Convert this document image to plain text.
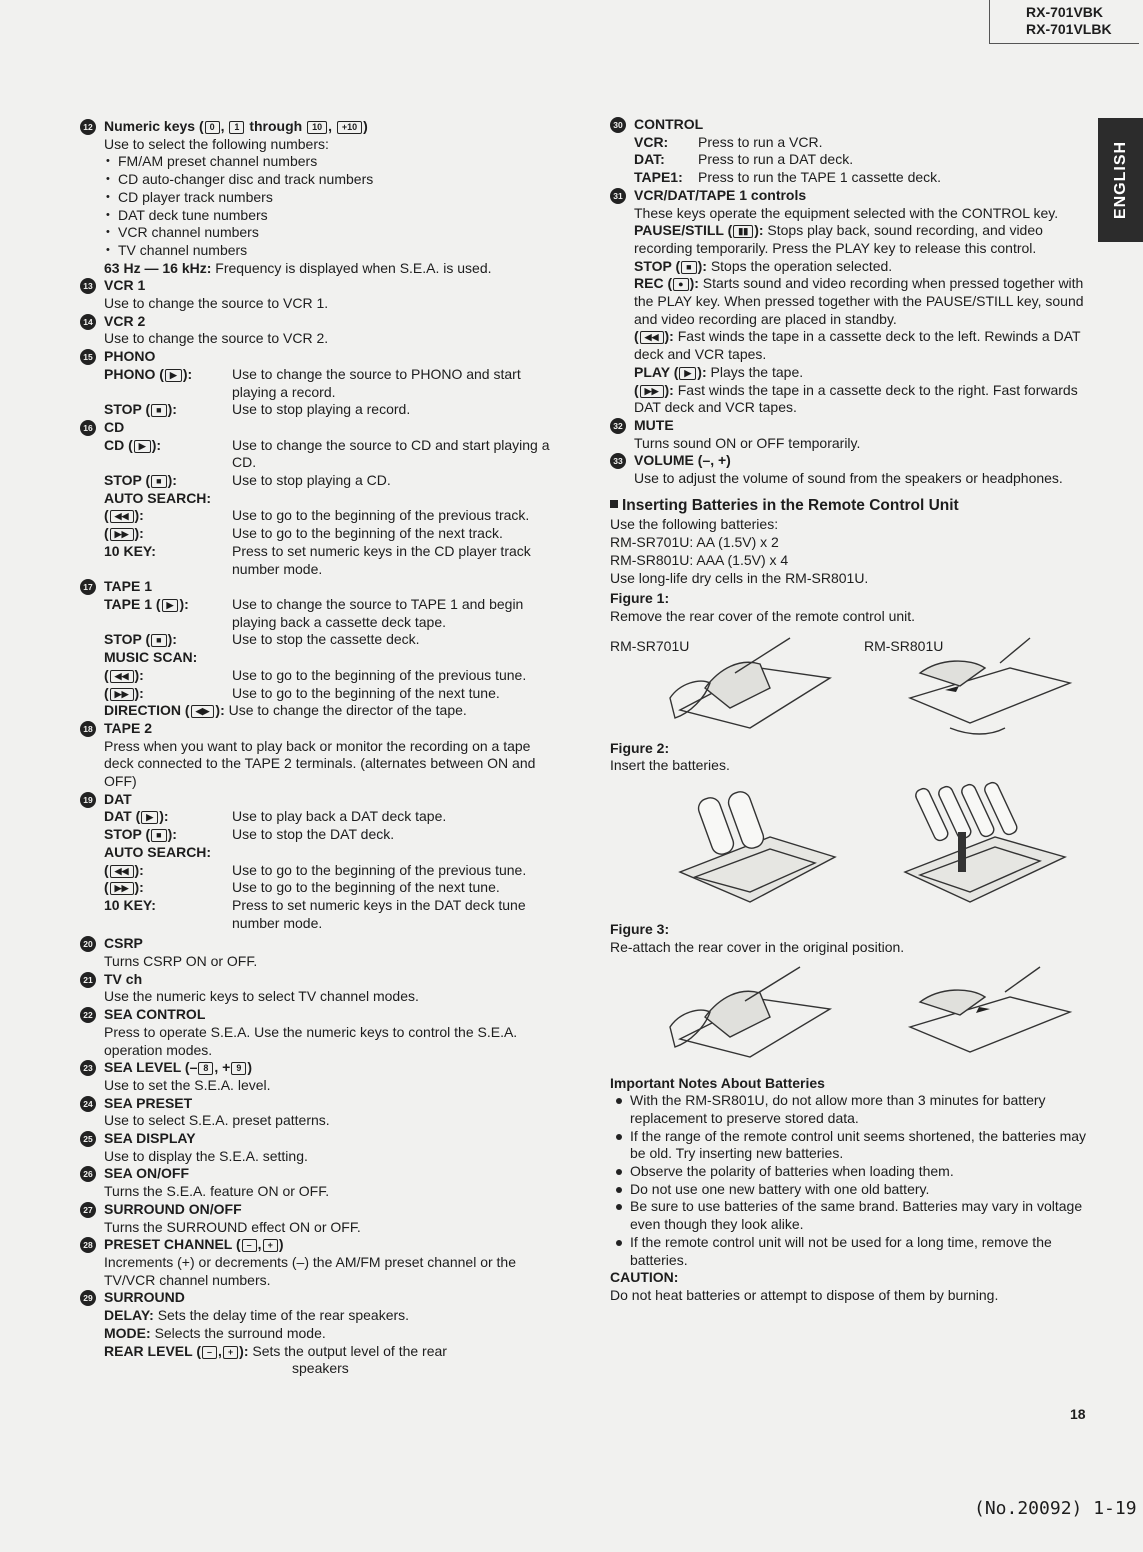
RX-701VBK
RX-701VLBK
ENGLISH
12 Numeric keys ( 0 , 1 through 10 , +10 )
Use to select the following numbers:
• FM/AM preset channel numbers
• CD auto-changer disc and track numbers
• CD player track numbers
• DAT deck tune numbers
• VCR channel numbers
• TV channel numbers
63 Hz — 16 kHz: Frequency is displayed when S.E.A. is used.
13 VCR 1
Use to change the source to VCR 1.
14 VCR 2
Use to change the source to VCR 2.
15 PHONO
PHONO ( ▶ ):	Use to change the source to PHONO and start playing a record.
STOP ( ■ ):	Use to stop playing a record.
16 CD
CD ( ▶ ):	Use to change the source to CD and start playing a CD.
STOP ( ■ ):	Use to stop playing a CD.
AUTO SEARCH:
( ◀◀ ):	Use to go to the beginning of the previous track.
( ▶▶ ):	Use to go to the beginning of the next track.
10 KEY:	Press to set numeric keys in the CD player track number mode.
17 TAPE 1
TAPE 1 ( ▶ ):	Use to change the source to TAPE 1 and begin playing back a cassette deck tape.
STOP ( ■ ):	Use to stop the cassette deck.
MUSIC SCAN:
( ◀◀ ):	Use to go to the beginning of the previous tune.
( ▶▶ ):	Use to go to the beginning of the next tune.
DIRECTION ( ◀▶ ): Use to change the director of the tape.
18 TAPE 2
Press when you want to play back or monitor the recording on a tape deck connected to the TAPE 2 terminals. (alternates between ON and OFF)
19 DAT
DAT ( ▶ ):	Use to play back a DAT deck tape.
STOP ( ■ ):	Use to stop the DAT deck.
AUTO SEARCH:
( ◀◀ ):	Use to go to the beginning of the previous tune.
( ▶▶ ):	Use to go to the beginning of the next tune.
10 KEY:	Press to set numeric keys in the DAT deck tune number mode.
20 CSRP
Turns CSRP ON or OFF.
21 TV ch
Use the numeric keys to select TV channel modes.
22 SEA CONTROL
Press to operate S.E.A. Use the numeric keys to control the S.E.A. operation modes.
23 SEA LEVEL (– 8 , + 9 )
Use to set the S.E.A. level.
24 SEA PRESET
Use to select S.E.A. preset patterns.
25 SEA DISPLAY
Use to display the S.E.A. setting.
26 SEA ON/OFF
Turns the S.E.A. feature ON or OFF.
27 SURROUND ON/OFF
Turns the SURROUND effect ON or OFF.
28 PRESET CHANNEL ( – , + )
Increments (+) or decrements (–) the AM/FM preset channel or the TV/VCR channel numbers.
29 SURROUND
DELAY: Sets the delay time of the rear speakers.
MODE: Selects the surround mode.
REAR LEVEL ( – , + ): Sets the output level of the rear
speakers
30 CONTROL
VCR:	Press to run a VCR.
DAT:	Press to run a DAT deck.
TAPE1:	Press to run the TAPE 1 cassette deck.
31 VCR/DAT/TAPE 1 controls
These keys operate the equipment selected with the CONTROL key.
PAUSE/STILL ( ▮▮ ): Stops play back, sound recording, and video recording temporarily. Press the PLAY key to release this control.
STOP ( ■ ): Stops the operation selected.
REC ( ● ): Starts sound and video recording when pressed together with the PLAY key. When pressed together with the PAUSE/STILL key, sound and video recording are placed in standby.
( ◀◀ ): Fast winds the tape in a cassette deck to the left. Rewinds a DAT deck and VCR tapes.
PLAY ( ▶ ): Plays the tape.
( ▶▶ ): Fast winds the tape in a cassette deck to the right. Fast forwards DAT deck and VCR tapes.
32 MUTE
Turns sound ON or OFF temporarily.
33 VOLUME (–, +)
Use to adjust the volume of sound from the speakers or headphones.
Inserting Batteries in the Remote Control Unit
Use the following batteries:
RM-SR701U: AA (1.5V) x 2
RM-SR801U: AAA (1.5V) x 4
Use long-life dry cells in the RM-SR801U.
Figure 1:
Remove the rear cover of the remote control unit.
RM-SR701U	RM-SR801U
Figure 2:
Insert the batteries.
Figure 3:
Re-attach the rear cover in the original position.
Important Notes About Batteries
With the RM-SR801U, do not allow more than 3 minutes for battery replacement to preserve stored data.
If the range of the remote control unit seems shortened, the batteries may be old. Try inserting new batteries.
Observe the polarity of batteries when loading them.
Do not use one new battery with one old battery.
Be sure to use batteries of the same brand. Batteries may vary in voltage even though they look alike.
If the remote control unit will not be used for a long time, remove the batteries.
CAUTION:
Do not heat batteries or attempt to dispose of them by burning.
18
(No.20092) 1-19
